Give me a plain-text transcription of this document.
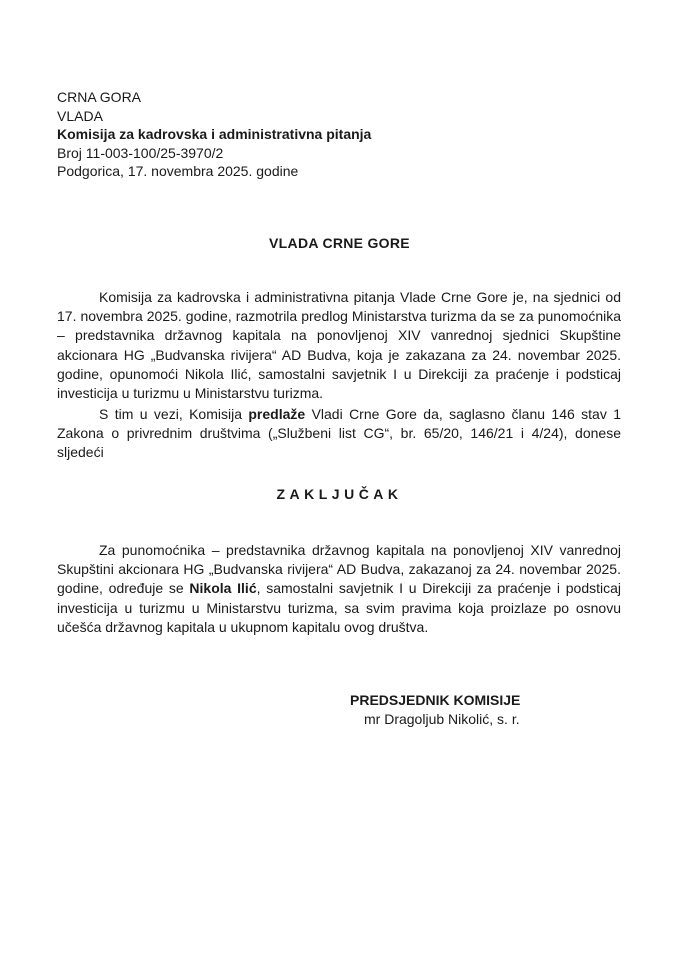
CRNA GORA
VLADA
Komisija za kadrovska i administrativna pitanja
Broj 11-003-100/25-3970/2
Podgorica, 17. novembra 2025. godine
VLADA CRNE GORE
Komisija za kadrovska i administrativna pitanja Vlade Crne Gore je, na sjednici od 17. novembra 2025. godine, razmotrila predlog Ministarstva turizma da se za punomoćnika – predstavnika državnog kapitala na ponovljenoj XIV vanrednoj sjednici Skupštine akcionara HG „Budvanska rivijera“ AD Budva, koja je zakazana za 24. novembar 2025. godine, opunomoći Nikola Ilić, samostalni savjetnik I u Direkciji za praćenje i podsticaj investicija u turizmu u Ministarstvu turizma.
S tim u vezi, Komisija predlaže Vladi Crne Gore da, saglasno članu 146 stav 1 Zakona o privrednim društvima („Službeni list CG“, br. 65/20, 146/21 i 4/24), donese sljedeći
ZAKLJUČAK
Za punomoćnika – predstavnika državnog kapitala na ponovljenoj XIV vanrednoj Skupštini akcionara HG „Budvanska rivijera“ AD Budva, zakazanoj za 24. novembar 2025. godine, određuje se Nikola Ilić, samostalni savjetnik I u Direkciji za praćenje i podsticaj investicija u turizmu u Ministarstvu turizma, sa svim pravima koja proizlaze po osnovu učešća državnog kapitala u ukupnom kapitalu ovog društva.
PREDSJEDNIK KOMISIJE
mr Dragoljub Nikolić, s. r.
